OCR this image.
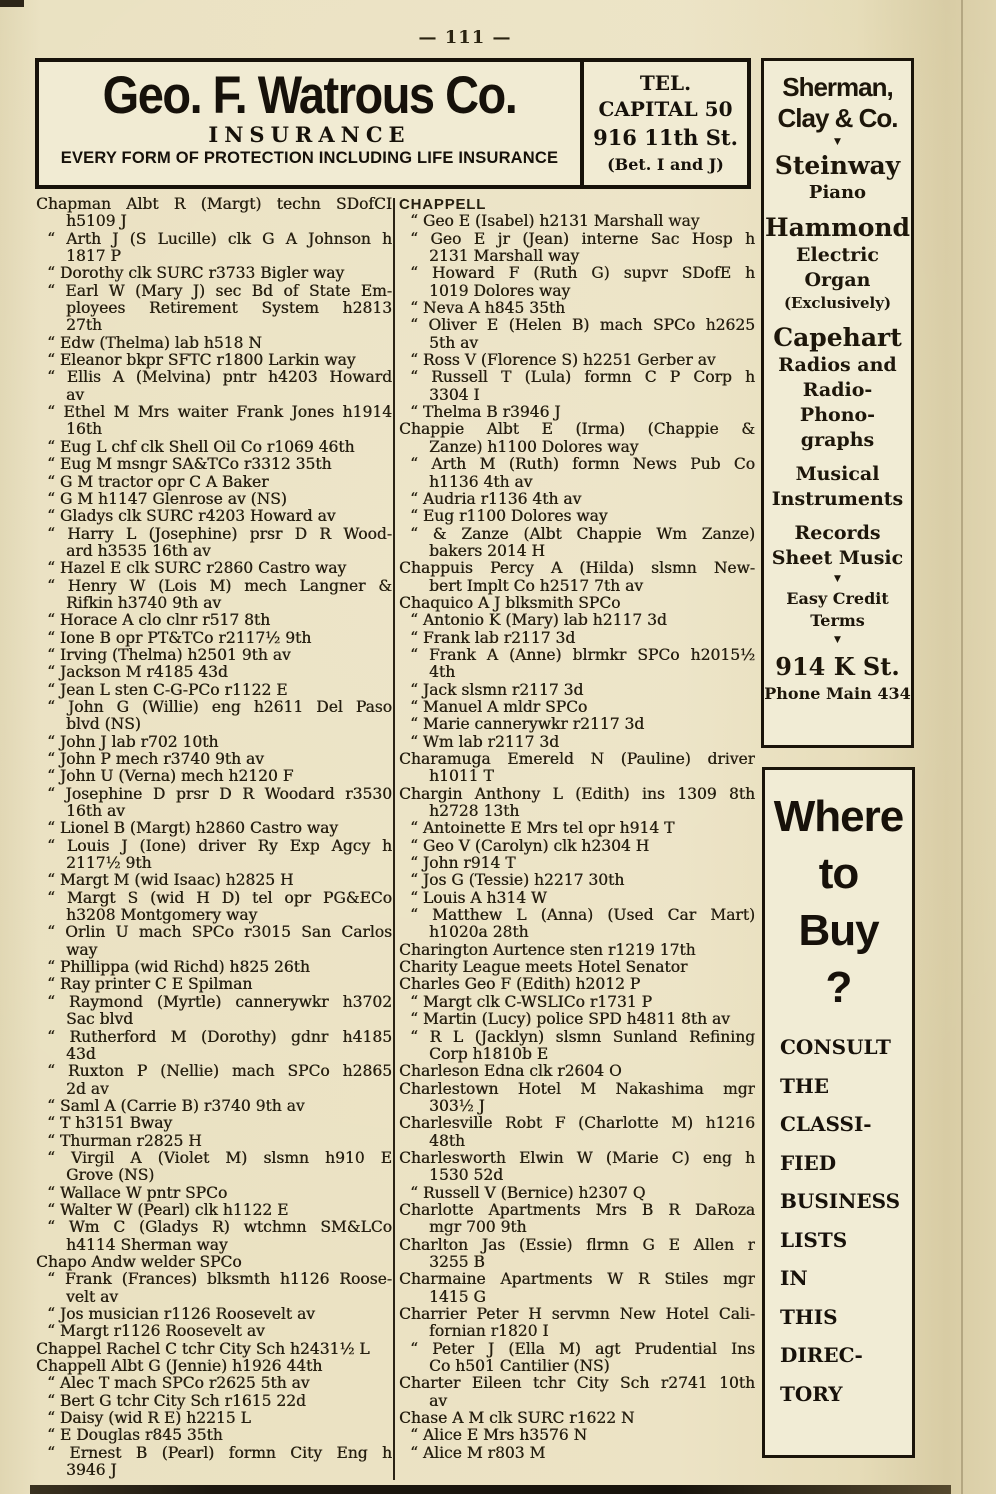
— 111 —
Geo. F. Watrous Co.
INSURANCE
EVERY FORM OF PROTECTION INCLUDING LIFE INSURANCE
TEL.
CAPITAL 50
916 11th St.
(Bet. I and J)
Chapman Albt R (Margt) techn SDofCI
h5109 J
“ Arth J (S Lucille) clk G A Johnson h
1817 P
“ Dorothy clk SURC r3733 Bigler way
“ Earl W (Mary J) sec Bd of State Em-
ployees Retirement System h2813
27th
“ Edw (Thelma) lab h518 N
“ Eleanor bkpr SFTC r1800 Larkin way
“ Ellis A (Melvina) pntr h4203 Howard
av
“ Ethel M Mrs waiter Frank Jones h1914
16th
“ Eug L chf clk Shell Oil Co r1069 46th
“ Eug M msngr SA&TCo r3312 35th
“ G M tractor opr C A Baker
“ G M h1147 Glenrose av (NS)
“ Gladys clk SURC r4203 Howard av
“ Harry L (Josephine) prsr D R Wood-
ard h3535 16th av
“ Hazel E clk SURC r2860 Castro way
“ Henry W (Lois M) mech Langner &
Rifkin h3740 9th av
“ Horace A clo clnr r517 8th
“ Ione B opr PT&TCo r2117½ 9th
“ Irving (Thelma) h2501 9th av
“ Jackson M r4185 43d
“ Jean L sten C-G-PCo r1122 E
“ John G (Willie) eng h2611 Del Paso
blvd (NS)
“ John J lab r702 10th
“ John P mech r3740 9th av
“ John U (Verna) mech h2120 F
“ Josephine D prsr D R Woodard r3530
16th av
“ Lionel B (Margt) h2860 Castro way
“ Louis J (Ione) driver Ry Exp Agcy h
2117½ 9th
“ Margt M (wid Isaac) h2825 H
“ Margt S (wid H D) tel opr PG&ECo
h3208 Montgomery way
“ Orlin U mach SPCo r3015 San Carlos
way
“ Phillippa (wid Richd) h825 26th
“ Ray printer C E Spilman
“ Raymond (Myrtle) cannerywkr h3702
Sac blvd
“ Rutherford M (Dorothy) gdnr h4185
43d
“ Ruxton P (Nellie) mach SPCo h2865
2d av
“ Saml A (Carrie B) r3740 9th av
“ T h3151 Bway
“ Thurman r2825 H
“ Virgil A (Violet M) slsmn h910 E
Grove (NS)
“ Wallace W pntr SPCo
“ Walter W (Pearl) clk h1122 E
“ Wm C (Gladys R) wtchmn SM&LCo
h4114 Sherman way
Chapo Andw welder SPCo
“ Frank (Frances) blksmth h1126 Roose-
velt av
“ Jos musician r1126 Roosevelt av
“ Margt r1126 Roosevelt av
Chappel Rachel C tchr City Sch h2431½ L
Chappell Albt G (Jennie) h1926 44th
“ Alec T mach SPCo r2625 5th av
“ Bert G tchr City Sch r1615 22d
“ Daisy (wid R E) h2215 L
“ E Douglas r845 35th
“ Ernest B (Pearl) formn City Eng h
3946 J
CHAPPELL
“ Geo E (Isabel) h2131 Marshall way
“ Geo E jr (Jean) interne Sac Hosp h
2131 Marshall way
“ Howard F (Ruth G) supvr SDofE h
1019 Dolores way
“ Neva A h845 35th
“ Oliver E (Helen B) mach SPCo h2625
5th av
“ Ross V (Florence S) h2251 Gerber av
“ Russell T (Lula) formn C P Corp h
3304 I
“ Thelma B r3946 J
Chappie Albt E (Irma) (Chappie &
Zanze) h1100 Dolores way
“ Arth M (Ruth) formn News Pub Co
h1136 4th av
“ Audria r1136 4th av
“ Eug r1100 Dolores way
“ & Zanze (Albt Chappie Wm Zanze)
bakers 2014 H
Chappuis Percy A (Hilda) slsmn New-
bert Implt Co h2517 7th av
Chaquico A J blksmith SPCo
“ Antonio K (Mary) lab h2117 3d
“ Frank lab r2117 3d
“ Frank A (Anne) blrmkr SPCo h2015½
4th
“ Jack slsmn r2117 3d
“ Manuel A mldr SPCo
“ Marie cannerywkr r2117 3d
“ Wm lab r2117 3d
Charamuga Emereld N (Pauline) driver
h1011 T
Chargin Anthony L (Edith) ins 1309 8th
h2728 13th
“ Antoinette E Mrs tel opr h914 T
“ Geo V (Carolyn) clk h2304 H
“ John r914 T
“ Jos G (Tessie) h2217 30th
“ Louis A h314 W
“ Matthew L (Anna) (Used Car Mart)
h1020a 28th
Charington Aurtence sten r1219 17th
Charity League meets Hotel Senator
Charles Geo F (Edith) h2012 P
“ Margt clk C-WSLICo r1731 P
“ Martin (Lucy) police SPD h4811 8th av
“ R L (Jacklyn) slsmn Sunland Refining
Corp h1810b E
Charleson Edna clk r2604 O
Charlestown Hotel M Nakashima mgr
303½ J
Charlesville Robt F (Charlotte M) h1216
48th
Charlesworth Elwin W (Marie C) eng h
1530 52d
“ Russell V (Bernice) h2307 Q
Charlotte Apartments Mrs B R DaRoza
mgr 700 9th
Charlton Jas (Essie) flrmn G E Allen r
3255 B
Charmaine Apartments W R Stiles mgr
1415 G
Charrier Peter H servmn New Hotel Cali-
fornian r1820 I
“ Peter J (Ella M) agt Prudential Ins
Co h501 Cantilier (NS)
Charter Eileen tchr City Sch r2741 10th
av
Chase A M clk SURC r1622 N
“ Alice E Mrs h3576 N
“ Alice M r803 M
Sherman,
Clay & Co.
▼
Steinway
Piano
Hammond
Electric
Organ
(Exclusively)
Capehart
Radios and
Radio-
Phono-
graphs
Musical
Instruments
Records
Sheet Music
▼
Easy Credit
Terms
▼
914 K St.
Phone Main 434
Where
to
Buy
?
CONSULT
THE
CLASSI-
FIED
BUSINESS
LISTS
IN
THIS
DIREC-
TORY
